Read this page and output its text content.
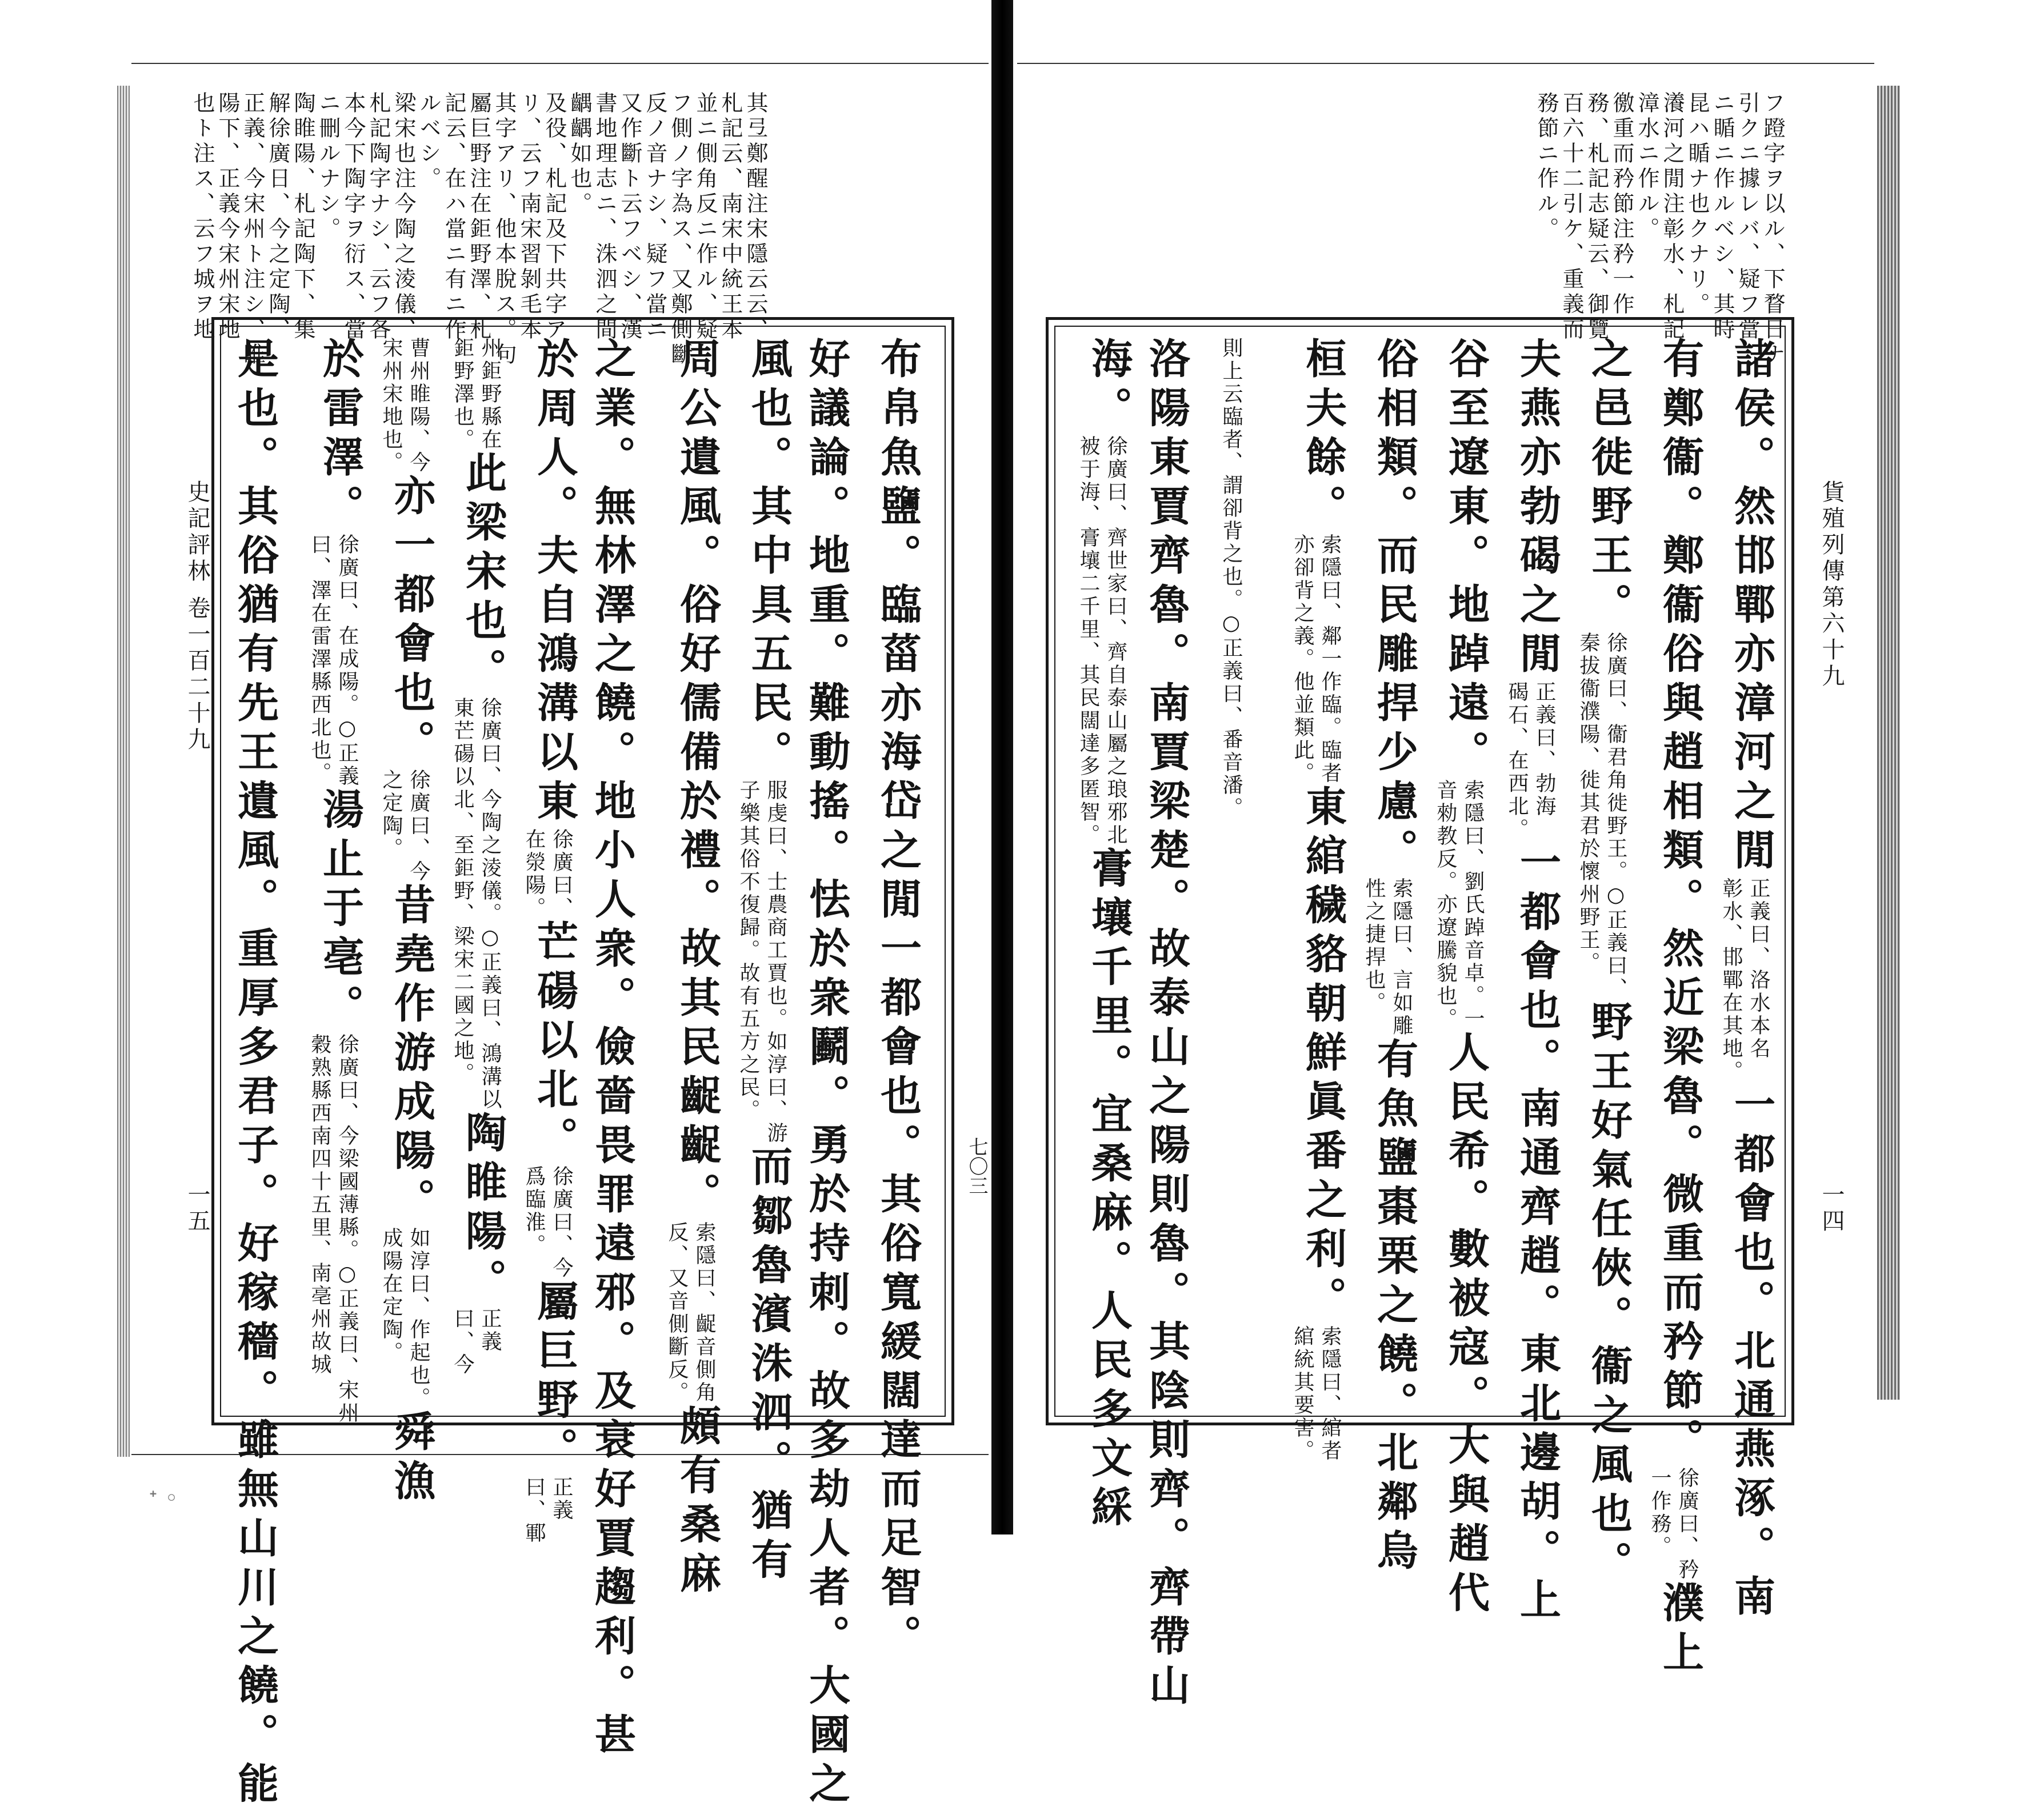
史記評林 卷一百二十九
一五
其弖鄭醒注宋隱云云、
札記云、南宋中統王本
並ニ側角反ニ作ル、疑
フ側ノ字為ス、又鄭側斷
反ノ音ナシ、疑フ當ニ
又作斷ト云フベシ、漢
書地理志ニ、洙泗之間
齵齵如也。
及役、札記及下共字ア
リ、云フ南宋習剝毛本
其字アリ、他本脫ス。句
屬巨野注在鉅野澤、札
記云、在ハ當ニ有ニ作
ルベシ。
梁宋也注今陶之淩儀、
札記陶字ナシ、云フ各
本今下陶字ヲ衍ス、當
ニ刪ルナシ。
陶睢陽、札記陶下、集
解徐廣日、今之定陶、
正義、今宋州ト注シ、睢
陽下、正義今宋州宋地
也ト注ス、云フ城ヲ地
布帛魚鹽。臨菑亦海岱之閒一都會也。其俗寬緩闊達而足智。
好議論。地重。難動搖。怯於衆鬬。勇於持刺。故多劫人者。大國之
風也。其中具五民。
服虔曰、士農商工賈也。如淳曰、游
子樂其俗不復歸。故有五方之民。
而鄒魯濱洙泗。猶有
周公遺風。俗好儒備於禮。故其民齪齪。
索隱曰、齪音側角
反、又音側斷反。
頗有桑麻
之業。無林澤之饒。地小人衆。儉嗇畏罪遠邪。及衰好賈趨利。甚
於周人。夫自鴻溝以東
徐廣曰、
在滎陽。
芒碭以北。
徐廣曰、今
爲臨淮。
屬巨野。
正義
曰、鄆
州鉅野縣在
鉅野澤也。
此梁宋也。
徐廣曰、今陶之淩儀。○正義曰、鴻溝以
東芒碭以北、至鉅野、梁宋二國之地。
陶睢陽。
正義
曰、今
曹州睢陽、今
宋州宋地也。
亦一都會也。
徐廣曰、今
之定陶。
昔堯作游成陽。
如淳曰、作起也。
成陽在定陶。
舜漁
於雷澤。
徐廣曰、在成陽。○正義
曰、澤在雷澤縣西北也。
湯止于亳。
徐廣曰、今梁國薄縣。○正義曰、宋州
穀熟縣西南四十五里、南亳州故城
是也。其俗猶有先王遺風。重厚多君子。好稼穡。雖無山川之饒。能	貨殖列傳第六十九
一四
七〇三
フ蹬字ヲ以ル、下瞀日ナ
引クニ據レバ、疑フ當
ニ瞃ニ作ルベシ、其時
昆ハ瞃ナ也クナリ。
瀁河之閒注彰水、札記
漳水ニ作ル。
徼重而矜節注矜一作
務、札記志疑云、御覽
百六十二引ケ、重義而
務節ニ作ル。
諸侯。然邯鄲亦漳河之閒
正義曰、洛水本名
彰水、邯鄲在其地。
一都會也。北通燕涿。南
有鄭衞。鄭衞俗與趙相類。然近梁魯。微重而矜節。
徐廣曰、矜
一作務。
濮上
之邑徙野王。
徐廣曰、衞君角徙野王。○正義曰、
秦拔衞濮陽、徙其君於懷州野王。
野王好氣任俠。衞之風也。
夫燕亦勃碣之閒
正義曰、勃海
碣石、在西北。
一都會也。南通齊趙。東北邊胡。上
谷至遼東。地踔遠。
索隱曰、劉氏踔音卓。一
音勑教反。亦遼騰貌也。
人民希。數被寇。大與趙代
俗相類。而民雕捍少慮。
索隱曰、言如雕
性之捷捍也。
有魚鹽棗栗之饒。北鄰烏
桓夫餘。
索隱曰、鄰一作臨。臨者
亦卻背之義。他並類此。
東綰穢貉朝鮮眞番之利。
索隱曰、綰者
綰統其要害。
則上云臨者、謂卻背之也。○正義曰、番音潘。
洛陽東賈齊魯。南賈梁楚。故泰山之陽則魯。其陰則齊。齊帶山
海。
徐廣曰、齊世家曰、齊自泰山屬之琅邪北
被于海、膏壤二千里、其民闊達多匿智。
膏壤千里。宜桑麻。人民多文綵
ᐩ ◦
